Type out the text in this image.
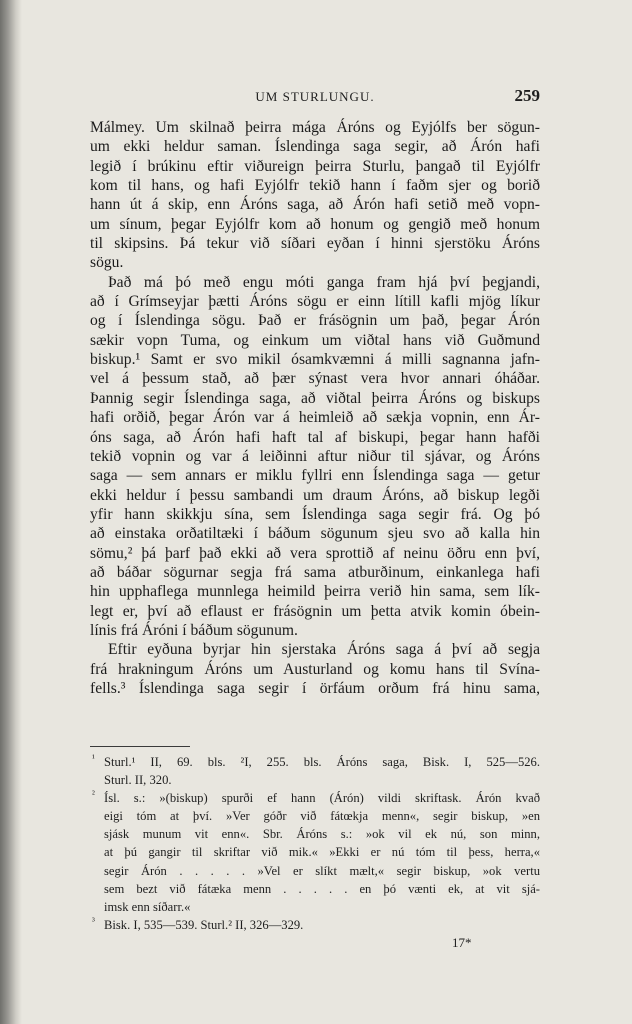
UM STURLUNGU.	259
Málmey. Um skilnað þeirra mága Áróns og Eyjólfs ber sögun-
um ekki heldur saman. Íslendinga saga segir, að Árón hafi
legið í brúkinu eftir viðureign þeirra Sturlu, þangað til Eyjólfr
kom til hans, og hafi Eyjólfr tekið hann í faðm sjer og borið
hann út á skip, enn Áróns saga, að Árón hafi setið með vopn-
um sínum, þegar Eyjólfr kom að honum og gengið með honum
til skipsins. Þá tekur við síðari eyðan í hinni sjerstöku Áróns
sögu.
Það má þó með engu móti ganga fram hjá því þegjandi,
að í Grímseyjar þætti Áróns sögu er einn lítill kafli mjög líkur
og í Íslendinga sögu. Það er frásögnin um það, þegar Árón
sækir vopn Tuma, og einkum um viðtal hans við Guðmund
biskup.¹ Samt er svo mikil ósamkvæmni á milli sagnanna jafn-
vel á þessum stað, að þær sýnast vera hvor annari óháðar.
Þannig segir Íslendinga saga, að viðtal þeirra Áróns og biskups
hafi orðið, þegar Árón var á heimleið að sækja vopnin, enn Ár-
óns saga, að Árón hafi haft tal af biskupi, þegar hann hafði
tekið vopnin og var á leiðinni aftur niður til sjávar, og Áróns
saga — sem annars er miklu fyllri enn Íslendinga saga — getur
ekki heldur í þessu sambandi um draum Áróns, að biskup legði
yfir hann skikkju sína, sem Íslendinga saga segir frá. Og þó
að einstaka orðatiltæki í báðum sögunum sjeu svo að kalla hin
sömu,² þá þarf það ekki að vera sprottið af neinu öðru enn því,
að báðar sögurnar segja frá sama atburðinum, einkanlega hafi
hin upphaflega munnlega heimild þeirra verið hin sama, sem lík-
legt er, því að eflaust er frásögnin um þetta atvik komin óbein-
línis frá Áróni í báðum sögunum.
Eftir eyðuna byrjar hin sjerstaka Áróns saga á því að segja
frá hrakningum Áróns um Austurland og komu hans til Svína-
fells.³ Íslendinga saga segir í örfáum orðum frá hinu sama,
¹ Sturl.¹ II, 69. bls. ²I, 255. bls. Áróns saga, Bisk. I, 525—526.
Sturl. II, 320.
² Ísl. s.: »(biskup) spurði ef hann (Árón) vildi skriftask. Árón kvað
eigi tóm at því. »Ver góðr við fátœkja menn«, segir biskup, »en
sjásk munum vit enn«. Sbr. Áróns s.: »ok vil ek nú, son minn,
at þú gangir til skriftar við mik.« »Ekki er nú tóm til þess, herra,«
segir Árón . . . . . »Vel er slíkt mælt,« segir biskup, »ok vertu
sem bezt við fátæka menn . . . . . en þó vænti ek, at vit sjá-
imsk enn síðarr.«
³ Bisk. I, 535—539. Sturl.² II, 326—329.
17*
